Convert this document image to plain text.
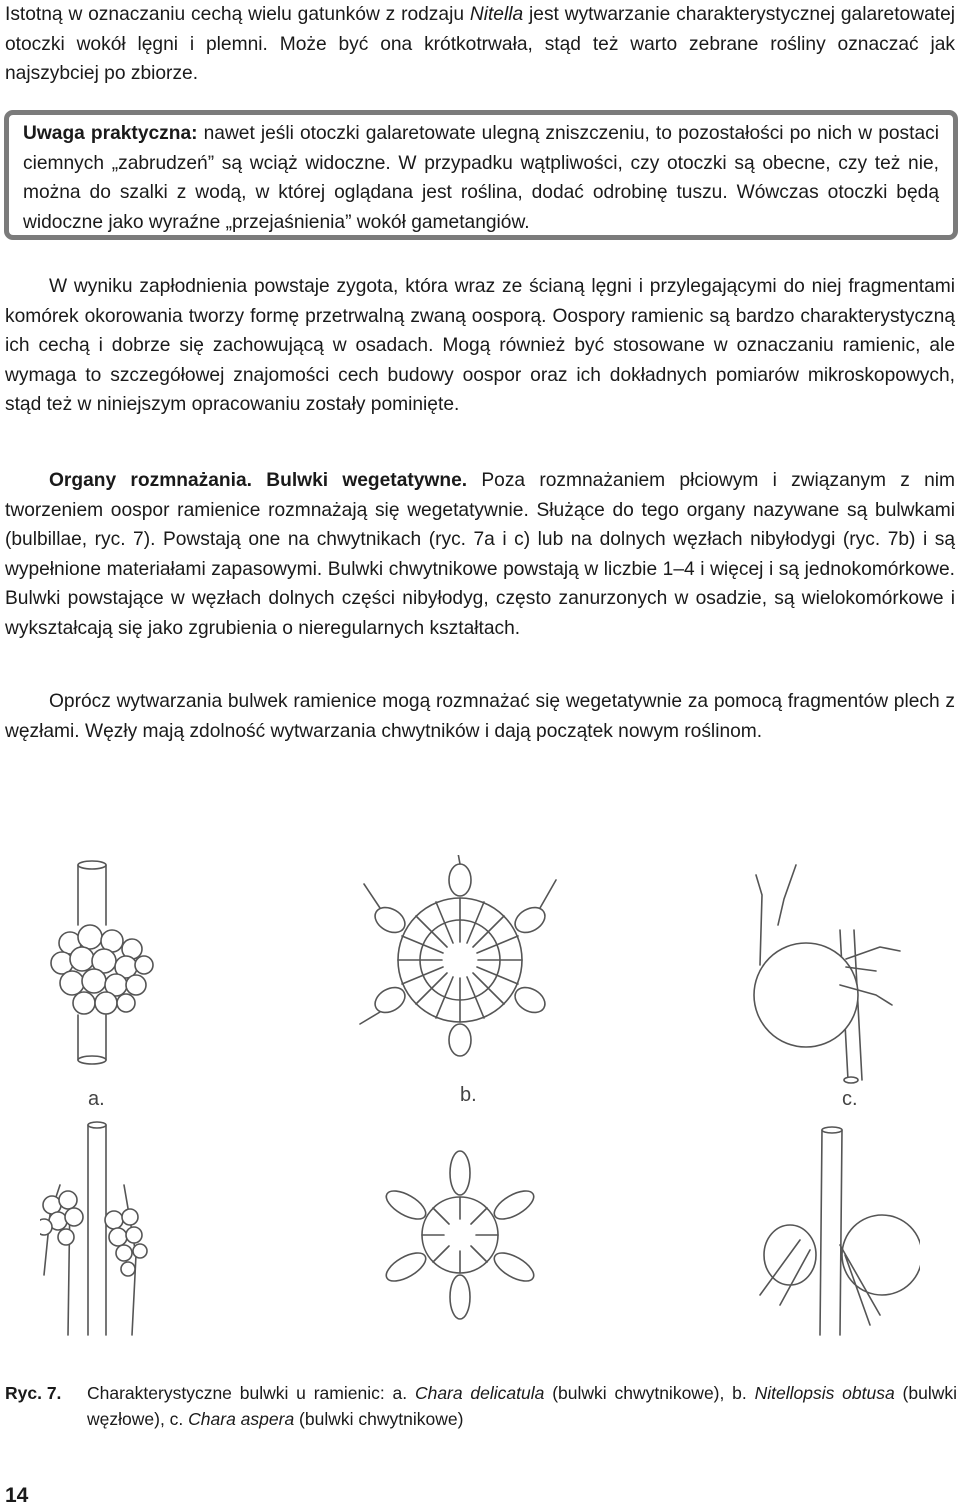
Istotną w oznaczaniu cechą wielu gatunków z rodzaju Nitella jest wytwarzanie charakterystycznej galaretowatej otoczki wokół lęgni i plemni. Może być ona krótkotrwała, stąd też warto zebrane rośliny oznaczać jak najszybciej po zbiorze.

Uwaga praktyczna: nawet jeśli otoczki galaretowate ulegną zniszczeniu, to pozostałości po nich w postaci ciemnych „zabrudzeń” są wciąż widoczne. W przypadku wątpliwości, czy otoczki są obecne, czy też nie, można do szalki z wodą, w której oglądana jest roślina, dodać odrobinę tuszu. Wówczas otoczki będą widoczne jako wyraźne „przejaśnienia” wokół gametangiów.

W wyniku zapłodnienia powstaje zygota, która wraz ze ścianą lęgni i przylegającymi do niej fragmentami komórek okorowania tworzy formę przetrwalną zwaną oosporą. Oospory ramienic są bardzo charakterystyczną ich cechą i dobrze się zachowującą w osadach. Mogą również być stosowane w oznaczaniu ramienic, ale wymaga to szczegółowej znajomości cech budowy oospor oraz ich dokładnych pomiarów mikroskopowych, stąd też w niniejszym opracowaniu zostały pominięte.

Organy rozmnażania. Bulwki wegetatywne. Poza rozmnażaniem płciowym i związanym z nim tworzeniem oospor ramienice rozmnażają się wegetatywnie. Służące do tego organy nazywane są bulwkami (bulbillae, ryc. 7). Powstają one na chwytnikach (ryc. 7a i c) lub na dolnych węzłach nibyłodygi (ryc. 7b) i są wypełnione materiałami zapasowymi. Bulwki chwytnikowe powstają w liczbie 1–4 i więcej i są jednokomórkowe. Bulwki powstające w węzłach dolnych części nibyłodyg, często zanurzonych w osadzie, są wielokomórkowe i wykształcają się jako zgrubienia o nieregularnych kształtach.

Oprócz wytwarzania bulwek ramienice mogą rozmnażać się wegetatywnie za pomocą fragmentów plech z węzłami. Węzły mają zdolność wytwarzania chwytników i dają początek nowym roślinom.

a.	b.	c.
Ryc. 7. Charakterystyczne bulwki u ramienic: a. Chara delicatula (bulwki chwytnikowe), b. Nitellopsis obtusa (bulwki węzłowe), c. Chara aspera (bulwki chwytnikowe)
14
